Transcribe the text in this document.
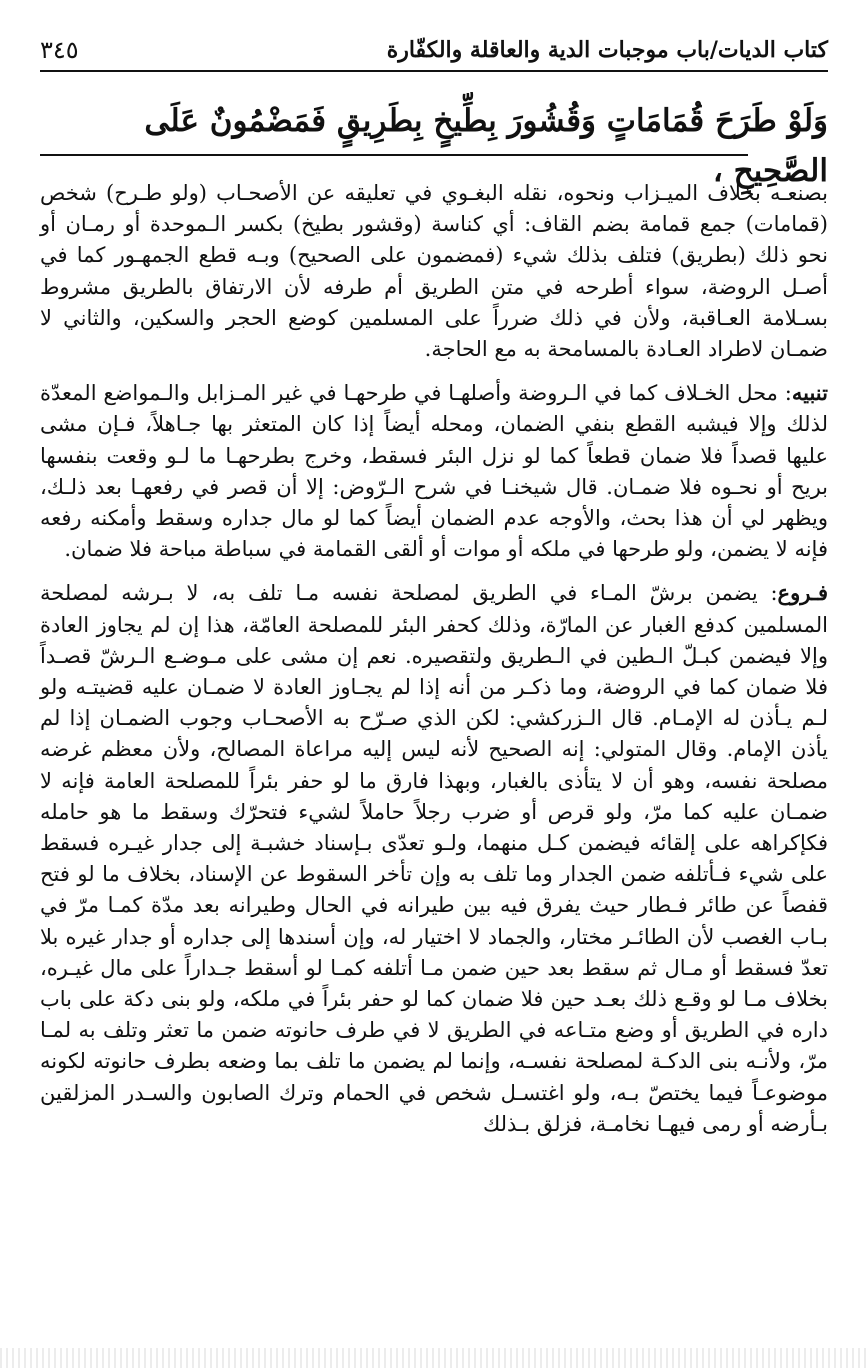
٣٤٥	كتاب الديات/باب موجبات الدية والعاقلة والكفّارة
وَلَوْ طَرَحَ قُمَامَاتٍ وَقُشُورَ بِطِّيخٍ بِطَرِيقٍ فَمَضْمُونٌ عَلَى الصَّحِيحِ ،

بصنعـه بخلاف الميـزاب ونحوه، نقله البغـوي في تعليقه عن الأصحـاب (ولو طـرح) شخص (قمامات) جمع قمامة بضم القاف: أي كناسة (وقشور بطيخ) بكسر الـموحدة أو رمـان أو نحو ذلك (بطريق) فتلف بذلك شيء (فمضمون على الصحيح) وبـه قطع الجمهـور كما في أصـل الروضة، سواء أطرحه في متن الطريق أم طرفه لأن الارتفاق بالطريق مشروط بسـلامة العـاقبة، ولأن في ذلك ضرراً على المسلمين كوضع الحجر والسكين، والثاني لا ضمـان لاطراد العـادة بالمسامحة به مع الحاجة.

تنبيه: محل الخـلاف كما في الـروضة وأصلهـا في طرحهـا في غير المـزابل والـمواضع المعدّة لذلك وإلا فيشبه القطع بنفي الضمان، ومحله أيضاً إذا كان المتعثر بها جـاهلاً، فـإن مشى عليها قصداً فلا ضمان قطعاً كما لو نزل البئر فسقط، وخرج بطرحهـا ما لـو وقعت بنفسها بريح أو نحـوه فلا ضمـان. قال شيخنـا في شرح الـرّوض: إلا أن قصر في رفعهـا بعد ذلـك، ويظهر لي أن هذا بحث، والأوجه عدم الضمان أيضاً كما لو مال جداره وسقط وأمكنه رفعه فإنه لا يضمن، ولو طرحها في ملكه أو موات أو ألقى القمامة في سباطة مباحة فلا ضمان.

فـروع: يضمن برشّ المـاء في الطريق لمصلحة نفسه مـا تلف به، لا بـرشه لمصلحة المسلمين كدفع الغبار عن المارّة، وذلك كحفر البئر للمصلحة العامّة، هذا إن لم يجاوز العادة وإلا فيضمن كبـلّ الـطين في الـطريق ولتقصيره. نعم إن مشى على مـوضـع الـرشّ قصـداً فلا ضمان كما في الروضة، وما ذكـر من أنه إذا لم يجـاوز العادة لا ضمـان عليه قضيتـه ولو لـم يـأذن له الإمـام. قال الـزركشي: لكن الذي صـرّح به الأصحـاب وجوب الضمـان إذا لم يأذن الإمام. وقال المتولي: إنه الصحيح لأنه ليس إليه مراعاة المصالح، ولأن معظم غرضه مصلحة نفسه، وهو أن لا يتأذى بالغبار، وبهذا فارق ما لو حفر بئراً للمصلحة العامة فإنه لا ضمـان عليه كما مرّ، ولو قرص أو ضرب رجلاً حاملاً لشيء فتحرّك وسقط ما هو حامله فكإكراهه على إلقائه فيضمن كـل منهما، ولـو تعدّى بـإسناد خشبـة إلى جدار غيـره فسقط على شيء فـأتلفه ضمن الجدار وما تلف به وإن تأخر السقوط عن الإسناد، بخلاف ما لو فتح قفصاً عن طائر فـطار حيث يفرق فيه بين طيرانه في الحال وطيرانه بعد مدّة كمـا مرّ في بـاب الغصب لأن الطائـر مختار، والجماد لا اختيار له، وإن أسندها إلى جداره أو جدار غيره بلا تعدّ فسقط أو مـال ثم سقط بعد حين ضمن مـا أتلفه كمـا لو أسقط جـداراً على مال غيـره، بخلاف مـا لو وقـع ذلك بعـد حين فلا ضمان كما لو حفر بئراً في ملكه، ولو بنى دكة على باب داره في الطريق أو وضع متـاعه في الطريق لا في طرف حانوته ضمن ما تعثر وتلف به لمـا مرّ، ولأنـه بنى الدكـة لمصلحة نفسـه، وإنما لم يضمن ما تلف بما وضعه بطرف حانوته لكونه موضوعـاً فيما يختصّ بـه، ولو اغتسـل شخص في الحمام وترك الصابون والسـدر المزلقين بـأرضه أو رمى فيهـا نخامـة، فزلق بـذلك
